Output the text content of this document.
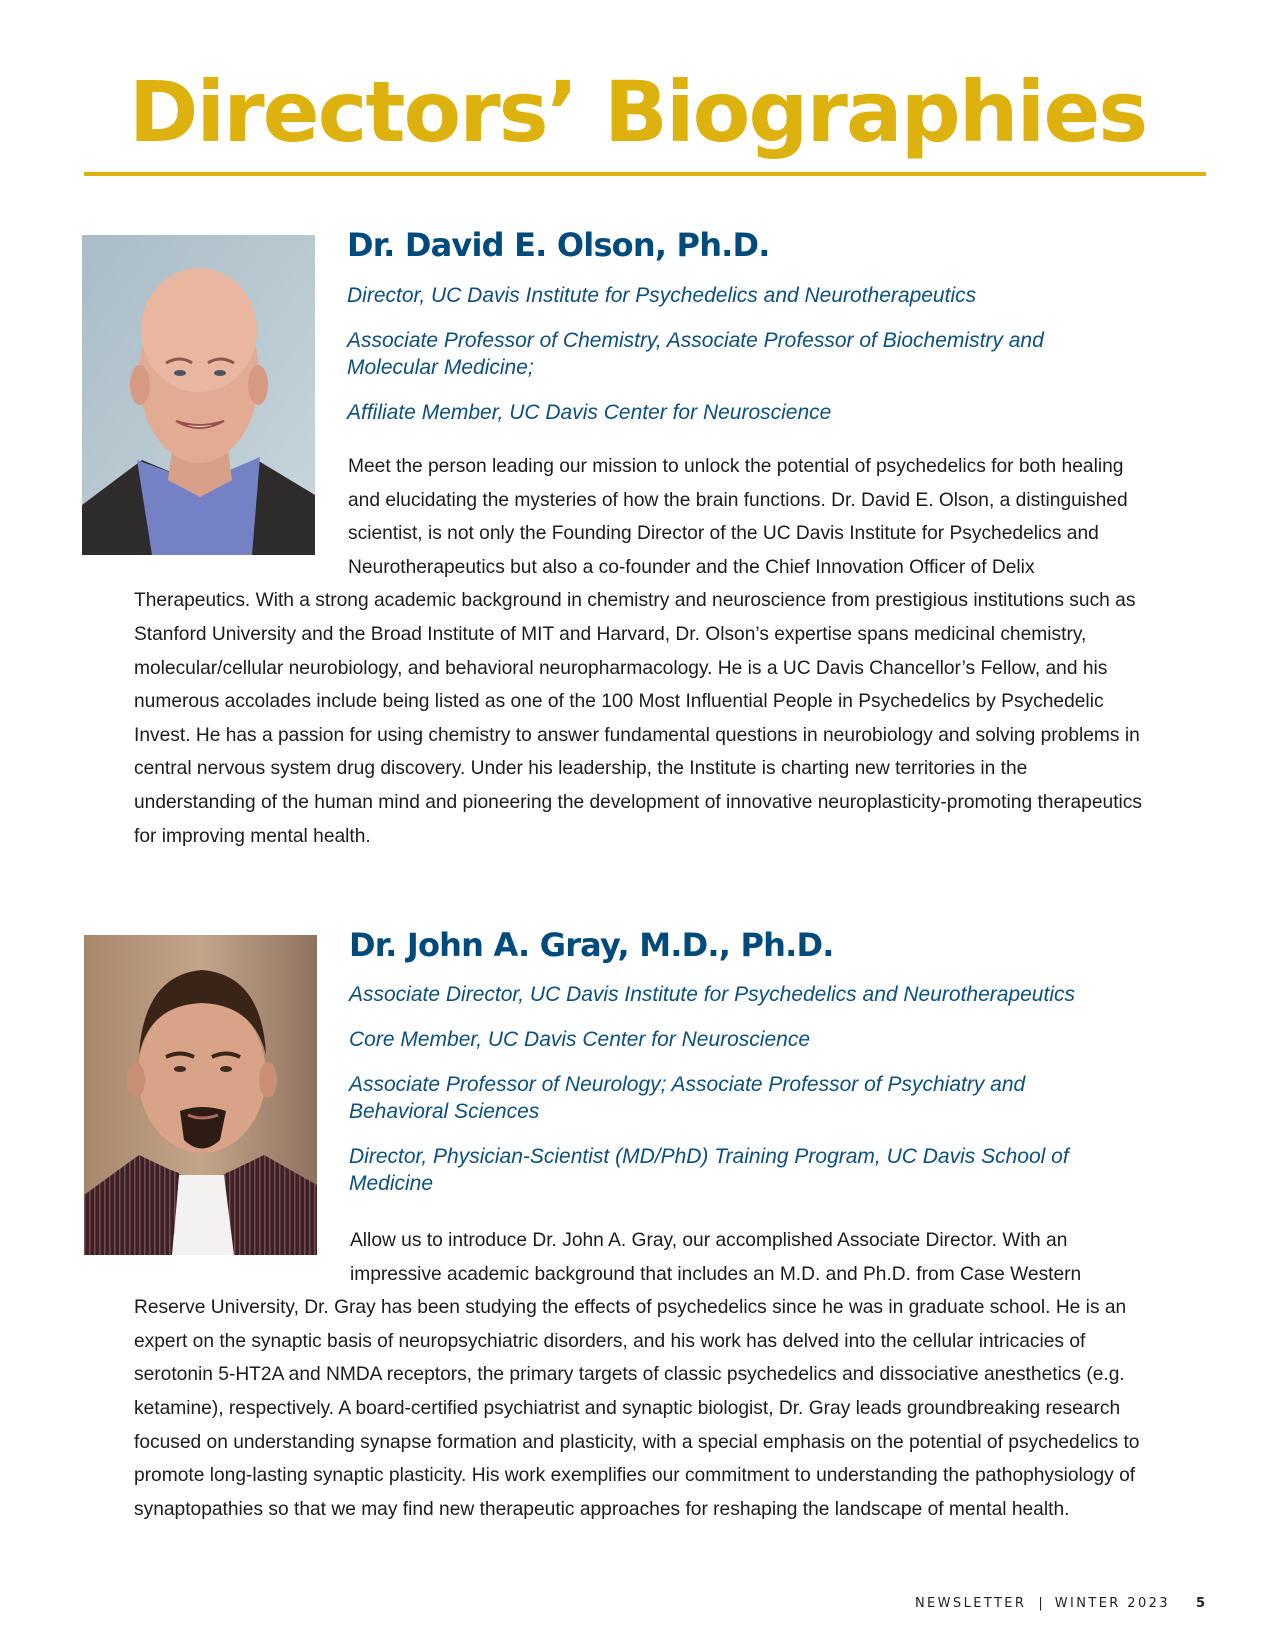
Directors’ Biographies
Dr. David E. Olson, Ph.D.

Director, UC Davis Institute for Psychedelics and Neurotherapeutics

Associate Professor of Chemistry, Associate Professor of Biochemistry and Molecular Medicine;

Affiliate Member, UC Davis Center for Neuroscience

Meet the person leading our mission to unlock the potential of psychedelics for both healing and elucidating the mysteries of how the brain functions. Dr. David E. Olson, a distinguished scientist, is not only the Founding Director of the UC Davis Institute for Psychedelics and Neurotherapeutics but also a co-founder and the Chief Innovation Officer of Delix Therapeutics. With a strong academic background in chemistry and neuroscience from prestigious institutions such as Stanford University and the Broad Institute of MIT and Harvard, Dr. Olson’s expertise spans medicinal chemistry, molecular/cellular neurobiology, and behavioral neuropharmacology. He is a UC Davis Chancellor’s Fellow, and his numerous accolades include being listed as one of the 100 Most Influential People in Psychedelics by Psychedelic Invest. He has a passion for using chemistry to answer fundamental questions in neurobiology and solving problems in central nervous system drug discovery. Under his leadership, the Institute is charting new territories in the understanding of the human mind and pioneering the development of innovative neuroplasticity-promoting therapeutics for improving mental health.

Dr. John A. Gray, M.D., Ph.D.

Associate Director, UC Davis Institute for Psychedelics and Neurotherapeutics

Core Member, UC Davis Center for Neuroscience

Associate Professor of Neurology; Associate Professor of Psychiatry and Behavioral Sciences

Director, Physician-Scientist (MD/PhD) Training Program, UC Davis School of Medicine

Allow us to introduce Dr. John A. Gray, our accomplished Associate Director. With an impressive academic background that includes an M.D. and Ph.D. from Case Western Reserve University, Dr. Gray has been studying the effects of psychedelics since he was in graduate school. He is an expert on the synaptic basis of neuropsychiatric disorders, and his work has delved into the cellular intricacies of serotonin 5-HT2A and NMDA receptors, the primary targets of classic psychedelics and dissociative anesthetics (e.g. ketamine), respectively. A board-certified psychiatrist and synaptic biologist, Dr. Gray leads groundbreaking research focused on understanding synapse formation and plasticity, with a special emphasis on the potential of psychedelics to promote long-lasting synaptic plasticity. His work exemplifies our commitment to understanding the pathophysiology of synaptopathies so that we may find new therapeutic approaches for reshaping the landscape of mental health.

NEWSLETTER | WINTER 2023 5
